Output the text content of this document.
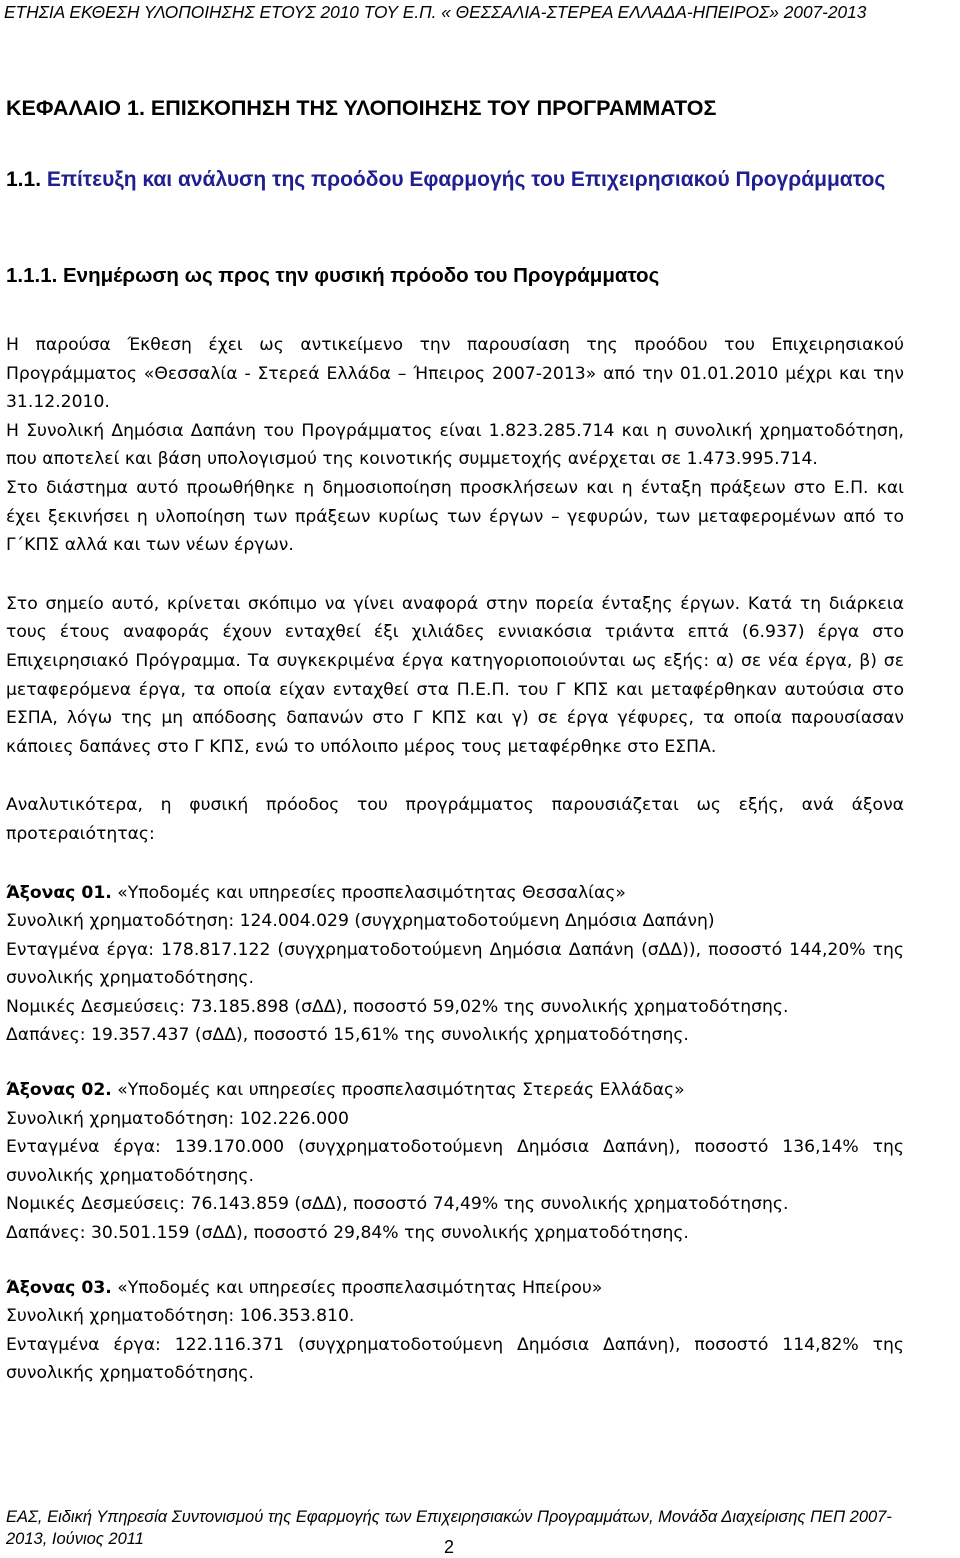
ΕΤΗΣΙΑ ΕΚΘΕΣΗ ΥΛΟΠΟΙΗΣΗΣ ΕΤΟΥΣ 2010 ΤΟΥ Ε.Π. « ΘΕΣΣΑΛΙΑ-ΣΤΕΡΕΑ ΕΛΛΑΔΑ-ΗΠΕΙΡΟΣ» 2007-2013
ΚΕΦΑΛΑΙΟ 1. ΕΠΙΣΚΟΠΗΣΗ ΤΗΣ ΥΛΟΠΟΙΗΣΗΣ ΤΟΥ ΠΡΟΓΡΑΜΜΑΤΟΣ
1.1. Επίτευξη και ανάλυση της προόδου Εφαρμογής του Επιχειρησιακού Προγράμματος
1.1.1. Ενημέρωση ως προς την φυσική πρόοδο του Προγράμματος

Η παρούσα Έκθεση έχει ως αντικείμενο την παρουσίαση της προόδου του Επιχειρησιακού Προγράμματος «Θεσσαλία - Στερεά Ελλάδα – Ήπειρος 2007-2013» από την 01.01.2010 μέχρι και την 31.12.2010.

Η Συνολική Δημόσια Δαπάνη του Προγράμματος είναι 1.823.285.714 και η συνολική χρηματοδότηση, που αποτελεί και βάση υπολογισμού της κοινοτικής συμμετοχής ανέρχεται σε 1.473.995.714.

Στο διάστημα αυτό προωθήθηκε η δημοσιοποίηση προσκλήσεων και η ένταξη πράξεων στο Ε.Π. και έχει ξεκινήσει η υλοποίηση των πράξεων κυρίως των έργων – γεφυρών, των μεταφερομένων από το Γ΄ΚΠΣ αλλά και των νέων έργων.

Στο σημείο αυτό, κρίνεται σκόπιμο να γίνει αναφορά στην πορεία ένταξης έργων. Κατά τη διάρκεια τους έτους αναφοράς έχουν ενταχθεί έξι χιλιάδες εννιακόσια τριάντα επτά (6.937) έργα στο Επιχειρησιακό Πρόγραμμα. Τα συγκεκριμένα έργα κατηγοριοποιούνται ως εξής: α) σε νέα έργα, β) σε μεταφερόμενα έργα, τα οποία είχαν ενταχθεί στα Π.Ε.Π. του Γ ΚΠΣ και μεταφέρθηκαν αυτούσια στο ΕΣΠΑ, λόγω της μη απόδοσης δαπανών στο Γ ΚΠΣ και γ) σε έργα γέφυρες, τα οποία παρουσίασαν κάποιες δαπάνες στο Γ ΚΠΣ, ενώ το υπόλοιπο μέρος τους μεταφέρθηκε στο ΕΣΠΑ.

Αναλυτικότερα, η φυσική πρόοδος του προγράμματος παρουσιάζεται ως εξής, ανά άξονα προτεραιότητας:

Άξονας 01. «Υποδομές και υπηρεσίες προσπελασιμότητας Θεσσαλίας»

Συνολική χρηματοδότηση: 124.004.029 (συγχρηματοδοτούμενη Δημόσια Δαπάνη)

Ενταγμένα έργα: 178.817.122 (συγχρηματοδοτούμενη Δημόσια Δαπάνη (σΔΔ)), ποσοστό 144,20% της συνολικής χρηματοδότησης.

Νομικές Δεσμεύσεις: 73.185.898 (σΔΔ), ποσοστό 59,02% της συνολικής χρηματοδότησης.

Δαπάνες: 19.357.437 (σΔΔ), ποσοστό 15,61% της συνολικής χρηματοδότησης.

Άξονας 02. «Υποδομές και υπηρεσίες προσπελασιμότητας Στερεάς Ελλάδας»

Συνολική χρηματοδότηση: 102.226.000

Ενταγμένα έργα: 139.170.000 (συγχρηματοδοτούμενη Δημόσια Δαπάνη), ποσοστό 136,14% της συνολικής χρηματοδότησης.

Νομικές Δεσμεύσεις: 76.143.859 (σΔΔ), ποσοστό 74,49% της συνολικής χρηματοδότησης.

Δαπάνες: 30.501.159 (σΔΔ), ποσοστό 29,84% της συνολικής χρηματοδότησης.

Άξονας 03. «Υποδομές και υπηρεσίες προσπελασιμότητας Ηπείρου»

Συνολική χρηματοδότηση: 106.353.810.

Ενταγμένα έργα: 122.116.371 (συγχρηματοδοτούμενη Δημόσια Δαπάνη), ποσοστό 114,82% της συνολικής χρηματοδότησης.

ΕΑΣ, Ειδική Υπηρεσία Συντονισμού της Εφαρμογής των Επιχειρησιακών Προγραμμάτων, Μονάδα Διαχείρισης ΠΕΠ 2007-2013, Ιούνιος 2011	2
